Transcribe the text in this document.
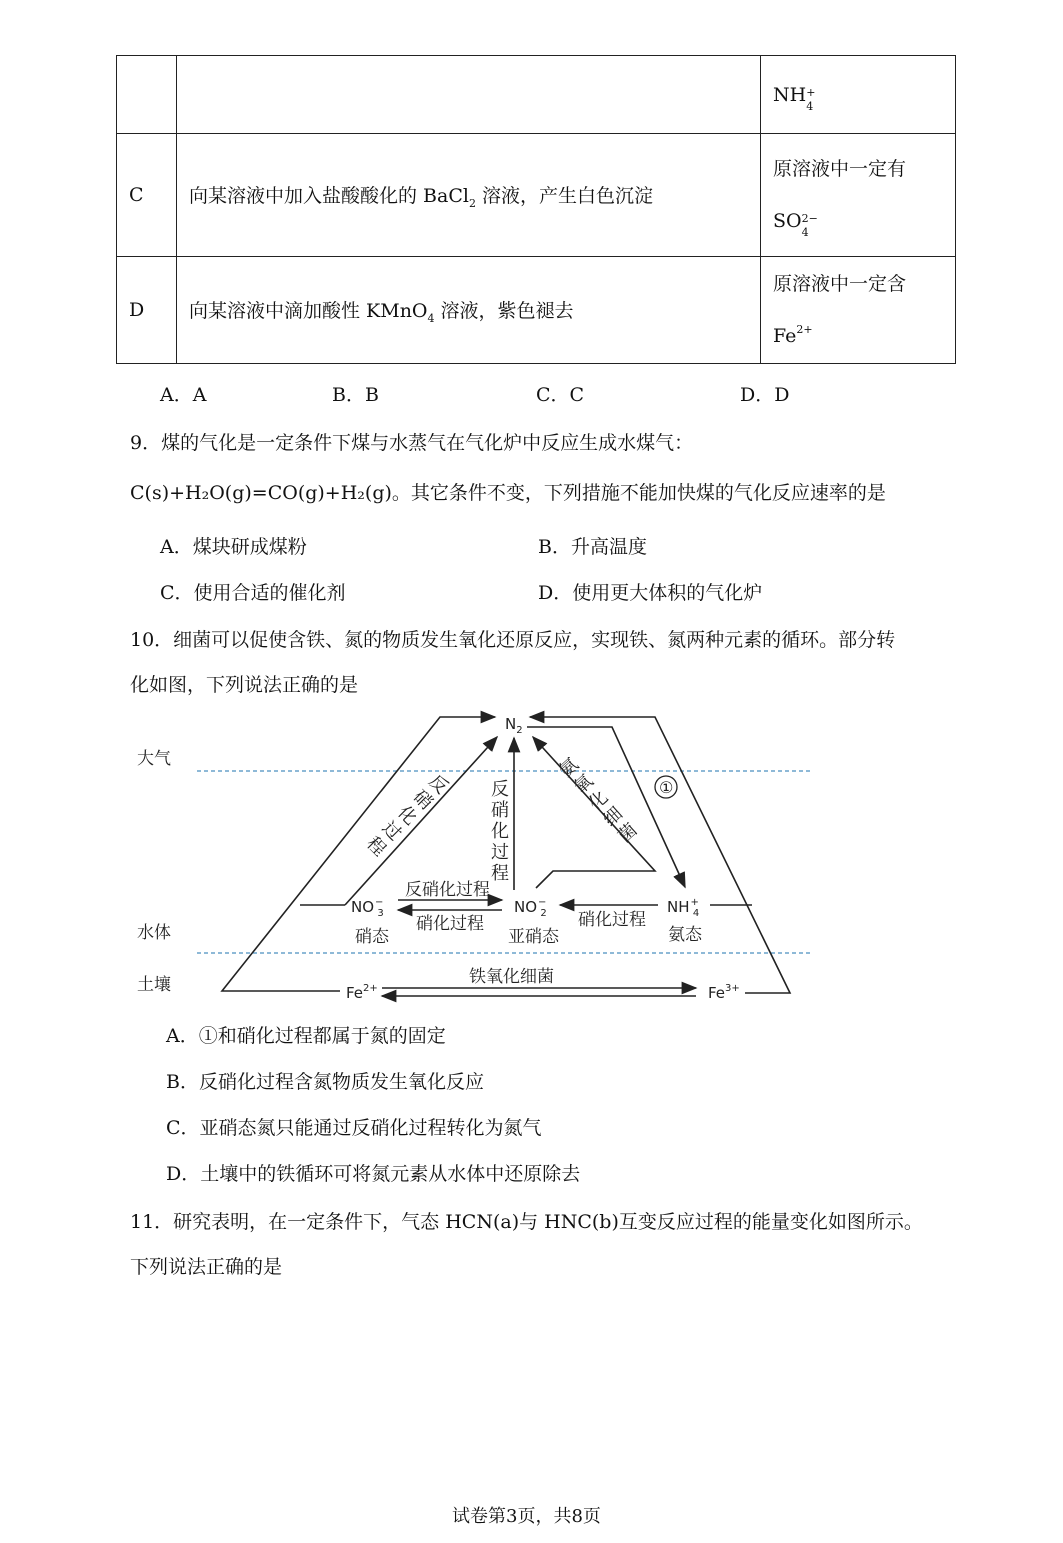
		NH +
4

C	向某溶液中加入盐酸酸化的 BaCl$_2$ 溶液，产生白色沉淀	原溶液中一定有
SO 2−
4

D	向某溶液中滴加酸性 KMnO$_4$ 溶液，紫色褪去	原溶液中一定含
$Fe^{2+}$
A．A	B．B	C．C	D．D
9．煤的气化是一定条件下煤与水蒸气在气化炉中反应生成水煤气：
C(s)+H₂O(g)=CO(g)+H₂(g)。其它条件不变，下列措施不能加快煤的气化反应速率的是
A．煤块研成煤粉	B．升高温度
C．使用合适的催化剂	D．使用更大体积的气化炉
10．细菌可以促使含铁、氮的物质发生氧化还原反应，实现铁、氮两种元素的循环。部分转
化如图，下列说法正确的是
大气
水体
土壤
$N_2$
NO− 3
硝态
NO− 2
亚硝态
NH+ 4
氨态
$Fe^{2+}$	$Fe^{3+}$
反
硝
化
过
程
反
硝
化
过
程
氨
氧
化
细
菌
①
反硝化过程
硝化过程	硝化过程
铁氧化细菌
A．①和硝化过程都属于氮的固定
B．反硝化过程含氮物质发生氧化反应
C．亚硝态氮只能通过反硝化过程转化为氮气
D．土壤中的铁循环可将氮元素从水体中还原除去
11．研究表明，在一定条件下，气态 HCN(a)与 HNC(b)互变反应过程的能量变化如图所示。
下列说法正确的是
试卷第3页，共8页
